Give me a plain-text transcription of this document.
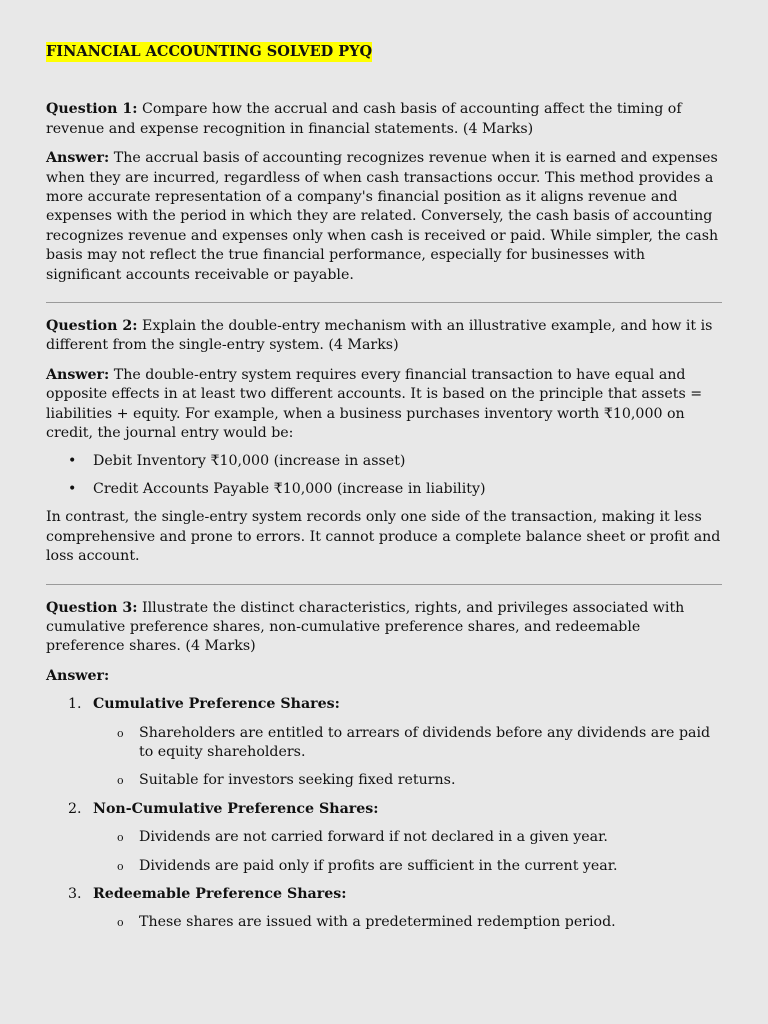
FINANCIAL ACCOUNTING SOLVED PYQ

Question 1: Compare how the accrual and cash basis of accounting affect the timing of revenue and expense recognition in financial statements. (4 Marks)

Answer: The accrual basis of accounting recognizes revenue when it is earned and expenses when they are incurred, regardless of when cash transactions occur. This method provides a more accurate representation of a company's financial position as it aligns revenue and expenses with the period in which they are related. Conversely, the cash basis of accounting recognizes revenue and expenses only when cash is received or paid. While simpler, the cash basis may not reflect the true financial performance, especially for businesses with significant accounts receivable or payable.

Question 2: Explain the double-entry mechanism with an illustrative example, and how it is different from the single-entry system. (4 Marks)

Answer: The double-entry system requires every financial transaction to have equal and opposite effects in at least two different accounts. It is based on the principle that assets = liabilities + equity. For example, when a business purchases inventory worth ₹10,000 on credit, the journal entry would be:

• Debit Inventory ₹10,000 (increase in asset)
• Credit Accounts Payable ₹10,000 (increase in liability)

In contrast, the single-entry system records only one side of the transaction, making it less comprehensive and prone to errors. It cannot produce a complete balance sheet or profit and loss account.

Question 3: Illustrate the distinct characteristics, rights, and privileges associated with cumulative preference shares, non-cumulative preference shares, and redeemable preference shares. (4 Marks)

Answer:

1. Cumulative Preference Shares:
o Shareholders are entitled to arrears of dividends before any dividends are paid to equity shareholders.
o Suitable for investors seeking fixed returns.
2. Non-Cumulative Preference Shares:
o Dividends are not carried forward if not declared in a given year.
o Dividends are paid only if profits are sufficient in the current year.
3. Redeemable Preference Shares:
o These shares are issued with a predetermined redemption period.
